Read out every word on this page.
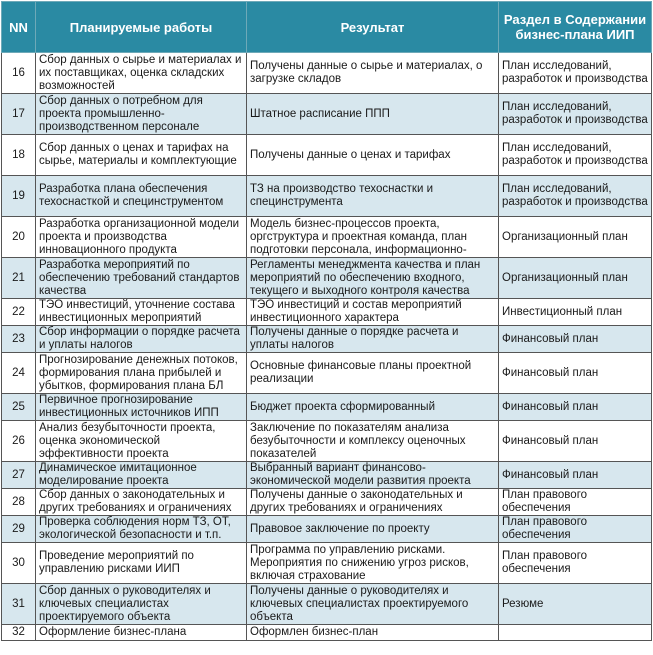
NN	Планируемые работы	Результат	Раздел в Содержании бизнес-плана ИИП
16	Сбор данных о сырье и материалах и их поставщиках, оценка складских возможностей	Получены данные о сырье и материалах, о загрузке складов	План исследований, разработок и производства
17	Сбор данных о потребном для проекта промышленно-производственном персонале	Штатное расписание ППП	План исследований, разработок и производства
18	Сбор данных о ценах и тарифах на сырье, материалы и комплектующие	Получены данные о ценах и тарифах	План исследований, разработок и производства
19	Разработка плана обеспечения техоснасткой и специнструментом	ТЗ на производство техоснастки и специнструмента	План исследований, разработок и производства
20	Разработка организационной модели проекта и производства инновационного продукта	Модель бизнес-процессов проекта, оргструктура и проектная команда, план подготовки персонала, информационно-	Организационный план
21	Разработка мероприятий по обеспечению требований стандартов качества	Регламенты менеджмента качества и план мероприятий по обеспечению входного, текущего и выходного контроля качества	Организационный план
22	ТЭО инвестиций, уточнение состава инвестиционных мероприятий	ТЭО инвестиций и состав мероприятий инвестиционного характера	Инвестиционный план
23	Сбор информации о порядке расчета и уплаты налогов	Получены данные о порядке расчета и уплаты налогов	Финансовый план
24	Прогнозирование денежных потоков, формирования плана прибылей и убытков, формирования плана БЛ	Основные финансовые планы проектной реализации	Финансовый план
25	Первичное прогнозирование инвестиционных источников ИПП	Бюджет проекта сформированный	Финансовый план
26	Анализ безубыточности проекта, оценка экономической эффективности проекта	Заключение по показателям анализа безубыточности и комплексу оценочных показателей	Финансовый план
27	Динамическое имитационное моделирование проекта	Выбранный вариант финансово-экономической модели развития проекта	Финансовый план
28	Сбор данных о законодательных и других требованиях и ограничениях	Получены данные о законодательных и других требованиях и ограничениях	План правового обеспечения
29	Проверка соблюдения норм ТЗ, ОТ, экологической безопасности и т.п.	Правовое заключение по проекту	План правового обеспечения
30	Проведение мероприятий по управлению рисками ИИП	Программа по управлению рисками. Мероприятия по снижению угроз рисков, включая страхование	План правового обеспечения
31	Сбор данных о руководителях и ключевых специалистах проектируемого объекта	Получены данные о руководителях и ключевых специалистах проектируемого объекта	Резюме
32	Оформление бизнес-плана	Оформлен бизнес-план	
